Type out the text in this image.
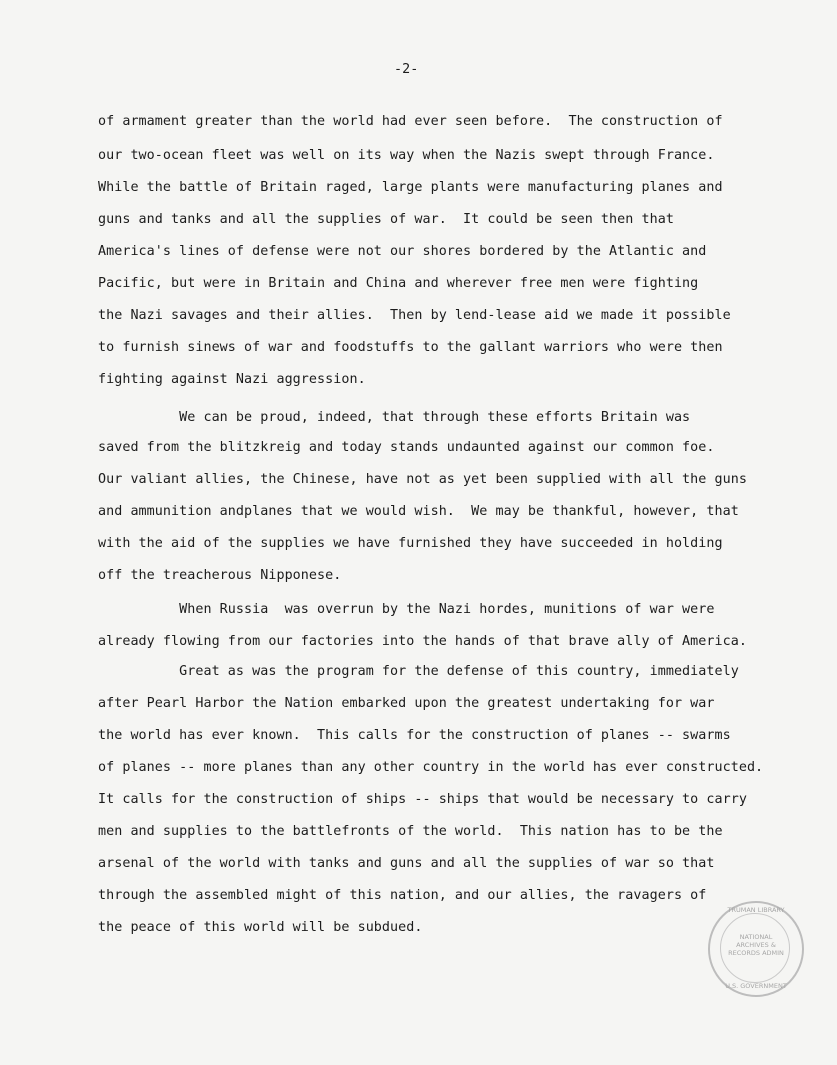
-2-
of armament greater than the world had ever seen before.  The construction of
our two-ocean fleet was well on its way when the Nazis swept through France.
While the battle of Britain raged, large plants were manufacturing planes and
guns and tanks and all the supplies of war.  It could be seen then that
America's lines of defense were not our shores bordered by the Atlantic and
Pacific, but were in Britain and China and wherever free men were fighting
the Nazi savages and their allies.  Then by lend-lease aid we made it possible
to furnish sinews of war and foodstuffs to the gallant warriors who were then
fighting against Nazi aggression.
We can be proud, indeed, that through these efforts Britain was
saved from the blitzkreig and today stands undaunted against our common foe.
Our valiant allies, the Chinese, have not as yet been supplied with all the guns
and ammunition andplanes that we would wish.  We may be thankful, however, that
with the aid of the supplies we have furnished they have succeeded in holding
off the treacherous Nipponese.
When Russia  was overrun by the Nazi hordes, munitions of war were
already flowing from our factories into the hands of that brave ally of America.
Great as was the program for the defense of this country, immediately
after Pearl Harbor the Nation embarked upon the greatest undertaking for war
the world has ever known.  This calls for the construction of planes -- swarms
of planes -- more planes than any other country in the world has ever constructed.
It calls for the construction of ships -- ships that would be necessary to carry
men and supplies to the battlefronts of the world.  This nation has to be the
arsenal of the world with tanks and guns and all the supplies of war so that
through the assembled might of this nation, and our allies, the ravagers of
the peace of this world will be subdued.
TRUMAN LIBRARY
NATIONAL ARCHIVES & RECORDS ADMIN
U.S. GOVERNMENT
